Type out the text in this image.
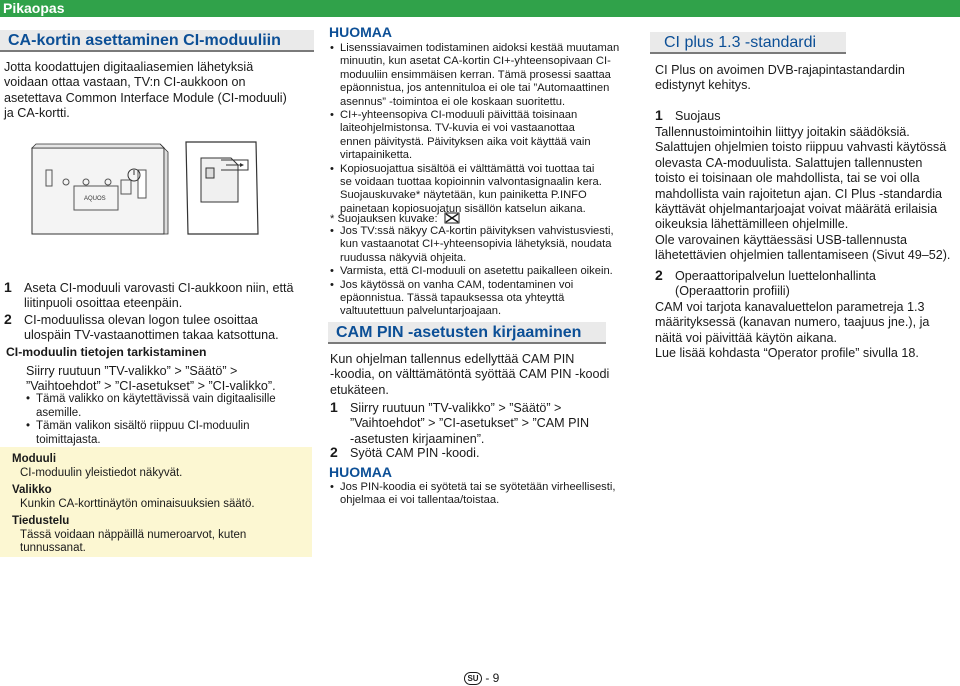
Pikaopas
CA-kortin asettaminen CI-moduuliin
Jotta koodattujen digitaaliasemien lähetyksiä
voidaan ottaa vastaan, TV:n CI-aukkoon on
asetettava Common Interface Module (CI-moduuli)
ja CA-kortti.
AQUOS
1 Aseta CI-moduuli varovasti CI-aukkoon niin, että
liitinpuoli osoittaa eteenpäin.
2 CI-moduulissa olevan logon tulee osoittaa
ulospäin TV-vastaanottimen takaa katsottuna.
CI-moduulin tietojen tarkistaminen
Siirry ruutuun ”TV-valikko” > ”Säätö” >
”Vaihtoehdot” > ”CI-asetukset” > ”CI-valikko”.
Tämä valikko on käytettävissä vain digitaalisille
asemille.
Tämän valikon sisältö riippuu CI-moduulin
toimittajasta.
Moduuli
CI-moduulin yleistiedot näkyvät.
Valikko
Kunkin CA-korttinäytön ominaisuuksien säätö.
Tiedustelu
Tässä voidaan näppäillä numeroarvot, kuten
tunnussanat.
HUOMAA
Lisenssiavaimen todistaminen aidoksi kestää muutaman
minuutin, kun asetat CA-kortin CI+-yhteensopivaan CI-
moduuliin ensimmäisen kerran. Tämä prosessi saattaa
epäonnistua, jos antennituloa ei ole tai ”Automaattinen
asennus” -toimintoa ei ole koskaan suoritettu.
CI+-yhteensopiva CI-moduuli päivittää toisinaan
laiteohjelmistonsa. TV-kuvia ei voi vastaanottaa
ennen päivitystä. Päivityksen aika voit käyttää vain
virtapainiketta.
Kopiosuojattua sisältöä ei välttämättä voi tuottaa tai
se voidaan tuottaa kopioinnin valvontasignaalin kera.
Suojauskuvake* näytetään, kun painiketta P.INFO
painetaan kopiosuojatun sisällön katselun aikana.
* Suojauksen kuvake:
Jos TV:ssä näkyy CA-kortin päivityksen vahvistusviesti,
kun vastaanotat CI+-yhteensopivia lähetyksiä, noudata
ruudussa näkyviä ohjeita.
Varmista, että CI-moduuli on asetettu paikalleen oikein.
Jos käytössä on vanha CAM, todentaminen voi
epäonnistua. Tässä tapauksessa ota yhteyttä
valtuutettuun palveluntarjoajaan.
CAM PIN -asetusten kirjaaminen
Kun ohjelman tallennus edellyttää CAM PIN
-koodia, on välttämätöntä syöttää CAM PIN -koodi
etukäteen.
1 Siirry ruutuun ”TV-valikko” > ”Säätö” >
”Vaihtoehdot” > ”CI-asetukset” > ”CAM PIN
-asetusten kirjaaminen”.
2 Syötä CAM PIN -koodi.
HUOMAA
Jos PIN-koodia ei syötetä tai se syötetään virheellisesti,
ohjelmaa ei voi tallentaa/toistaa.
CI plus 1.3 -standardi
CI Plus on avoimen DVB-rajapintastandardin
edistynyt kehitys.
1 Suojaus
Tallennustoimintoihin liittyy joitakin säädöksiä.
Salattujen ohjelmien toisto riippuu vahvasti käytössä
olevasta CA-moduulista. Salattujen tallennusten
toisto ei toisinaan ole mahdollista, tai se voi olla
mahdollista vain rajoitetun ajan. CI Plus -standardia
käyttävät ohjelmantarjoajat voivat määrätä erilaisia
oikeuksia lähettämilleen ohjelmille.
Ole varovainen käyttäessäsi USB-tallennusta
lähetettävien ohjelmien tallentamiseen (Sivut 49–52).
2 Operaattoripalvelun luettelonhallinta
(Operaattorin profiili)
CAM voi tarjota kanavaluettelon parametreja 1.3
määrityksessä (kanavan numero, taajuus jne.), ja
näitä voi päivittää käytön aikana.
Lue lisää kohdasta “Operator profile” sivulla 18.
SU - 9
